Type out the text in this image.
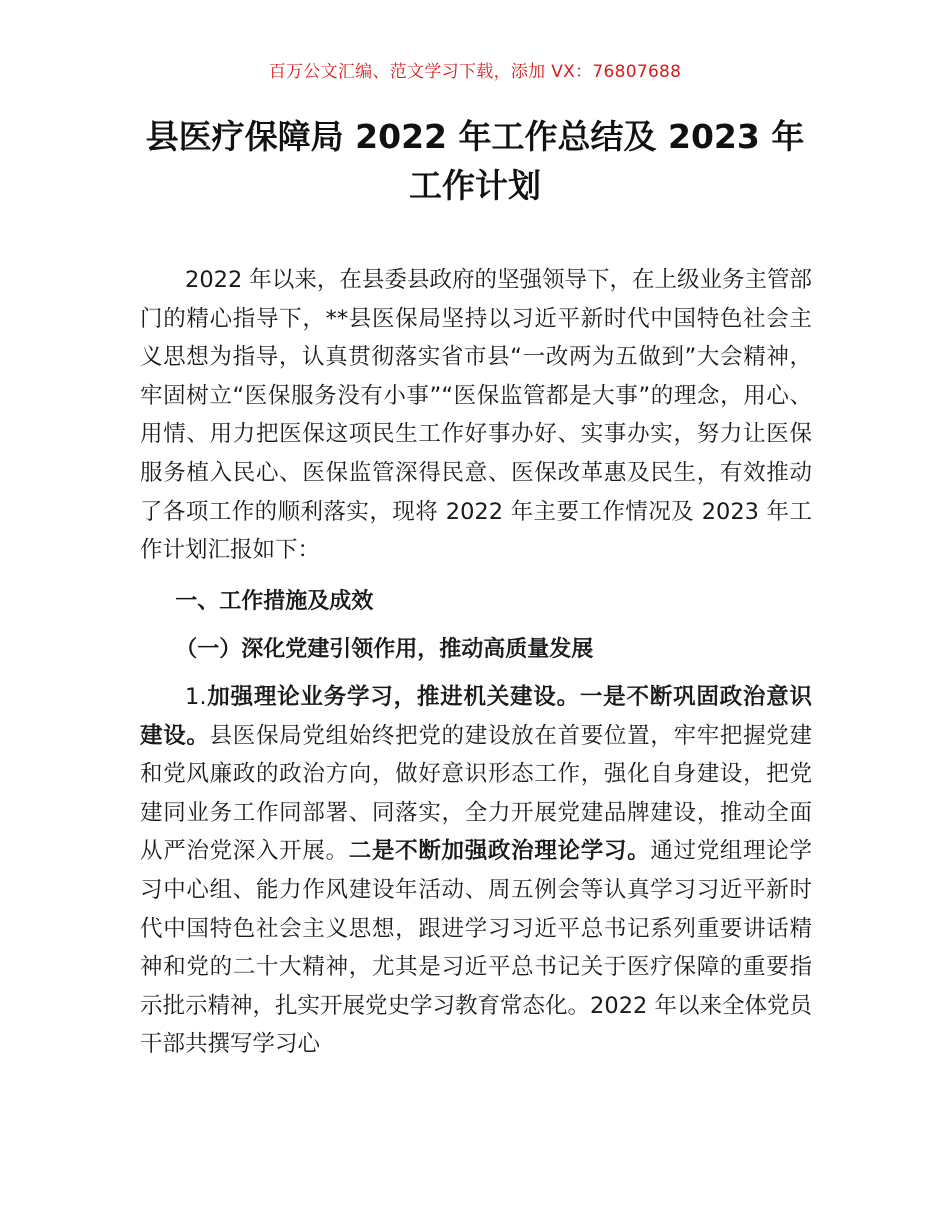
百万公文汇编、范文学习下载，添加 VX：76807688
县医疗保障局 2022 年工作总结及 2023 年工作计划

2022 年以来，在县委县政府的坚强领导下，在上级业务主管部门的精心指导下，**县医保局坚持以习近平新时代中国特色社会主义思想为指导，认真贯彻落实省市县“一改两为五做到”大会精神，牢固树立“医保服务没有小事”“医保监管都是大事”的理念，用心、用情、用力把医保这项民生工作好事办好、实事办实，努力让医保服务植入民心、医保监管深得民意、医保改革惠及民生，有效推动了各项工作的顺利落实，现将 2022 年主要工作情况及 2023 年工作计划汇报如下：

一、工作措施及成效

（一）深化党建引领作用，推动高质量发展

1.加强理论业务学习，推进机关建设。一是不断巩固政治意识建设。县医保局党组始终把党的建设放在首要位置，牢牢把握党建和党风廉政的政治方向，做好意识形态工作，强化自身建设，把党建同业务工作同部署、同落实，全力开展党建品牌建设，推动全面从严治党深入开展。二是不断加强政治理论学习。通过党组理论学习中心组、能力作风建设年活动、周五例会等认真学习习近平新时代中国特色社会主义思想，跟进学习习近平总书记系列重要讲话精神和党的二十大精神，尤其是习近平总书记关于医疗保障的重要指示批示精神，扎实开展党史学习教育常态化。2022 年以来全体党员干部共撰写学习心
